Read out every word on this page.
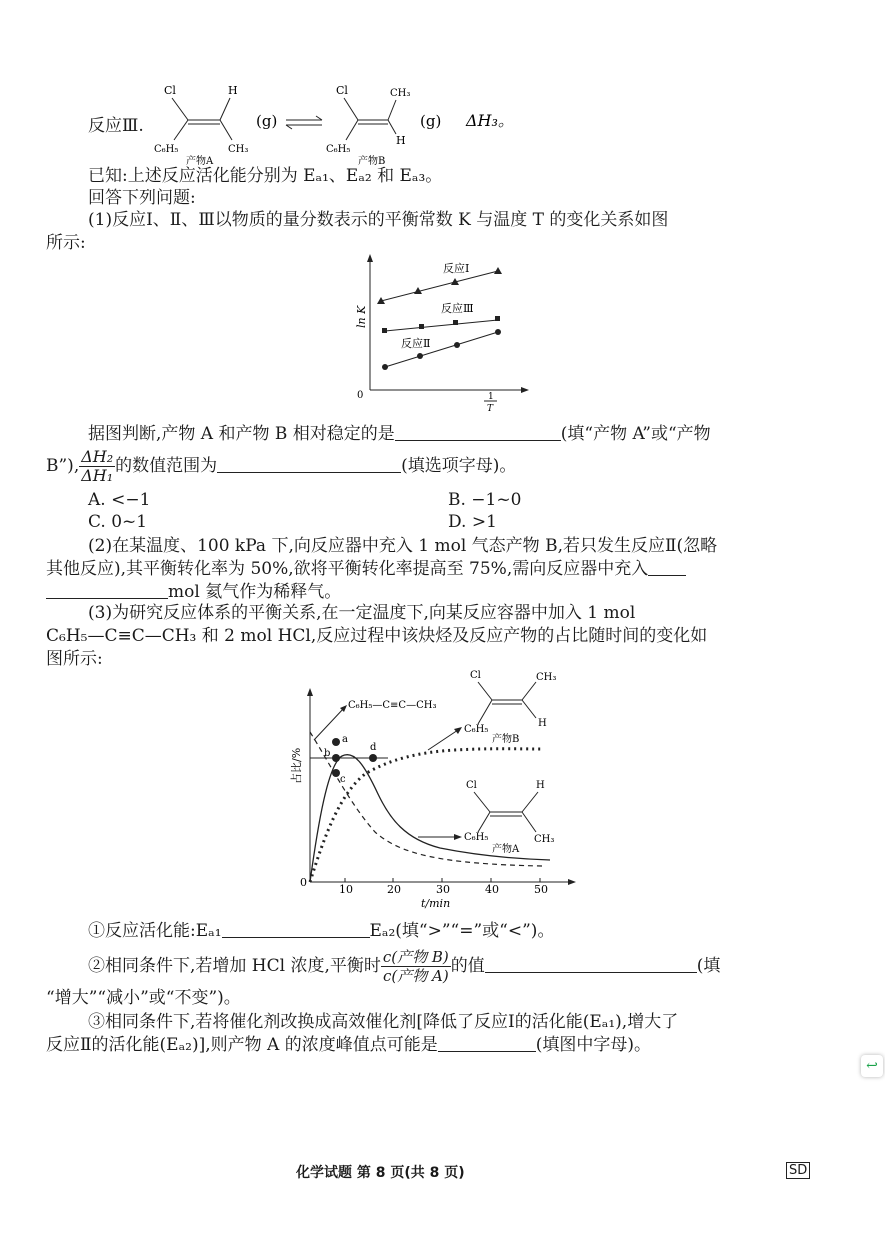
反应Ⅲ.
Cl	H
C₆H₅	CH₃
产物A
(g)
Cl	CH₃
C₆H₅
H
产物B
(g) ΔH₃。
已知:上述反应活化能分别为 Eₐ₁、Eₐ₂ 和 Eₐ₃。
回答下列问题:
(1)反应Ⅰ、Ⅱ、Ⅲ以物质的量分数表示的平衡常数 K 与温度 T 的变化关系如图
所示:
ln K
0	1
T
反应Ⅰ
反应Ⅲ
反应Ⅱ
据图判断,产物 A 和产物 B 相对稳定的是	(填“产物 A”或“产物
B”), $\frac{\text{ΔH₂}}{\text{ΔH₁}}$ 的数值范围为	(填选项字母)。
A. <−1	B. −1~0
C. 0~1	D. >1
(2)在某温度、100 kPa 下,向反应器中充入 1 mol 气态产物 B,若只发生反应Ⅱ(忽略
其他反应),其平衡转化率为 50%,欲将平衡转化率提高至 75%,需向反应器中充入
mol 氦气作为稀释气。
(3)为研究反应体系的平衡关系,在一定温度下,向某反应容器中加入 1 mol
C₆H₅—C≡C—CH₃ 和 2 mol HCl,反应过程中该炔烃及反应产物的占比随时间的变化如
图所示:
占比/%
0
10	20	30	40	50
t/min
a
b
c
d
C₆H₅—C≡C—CH₃
Cl	CH₃
C₆H₅
H
产物B
Cl	H
C₆H₅	CH₃
产物A
①反应活化能:Eₐ₁	Eₐ₂(填“>”“=”或“<”)。
②相同条件下,若增加 HCl 浓度,平衡时 $\frac{\text{c(产物 B)}}{\text{c(产物 A)}}$ 的值	(填
“增大”“减小”或“不变”)。
③相同条件下,若将催化剂改换成高效催化剂[降低了反应Ⅰ的活化能(Eₐ₁),增大了
反应Ⅱ的活化能(Eₐ₂)],则产物 A 的浓度峰值点可能是	(填图中字母)。
↩
化学试题 第 8 页(共 8 页)	SD
